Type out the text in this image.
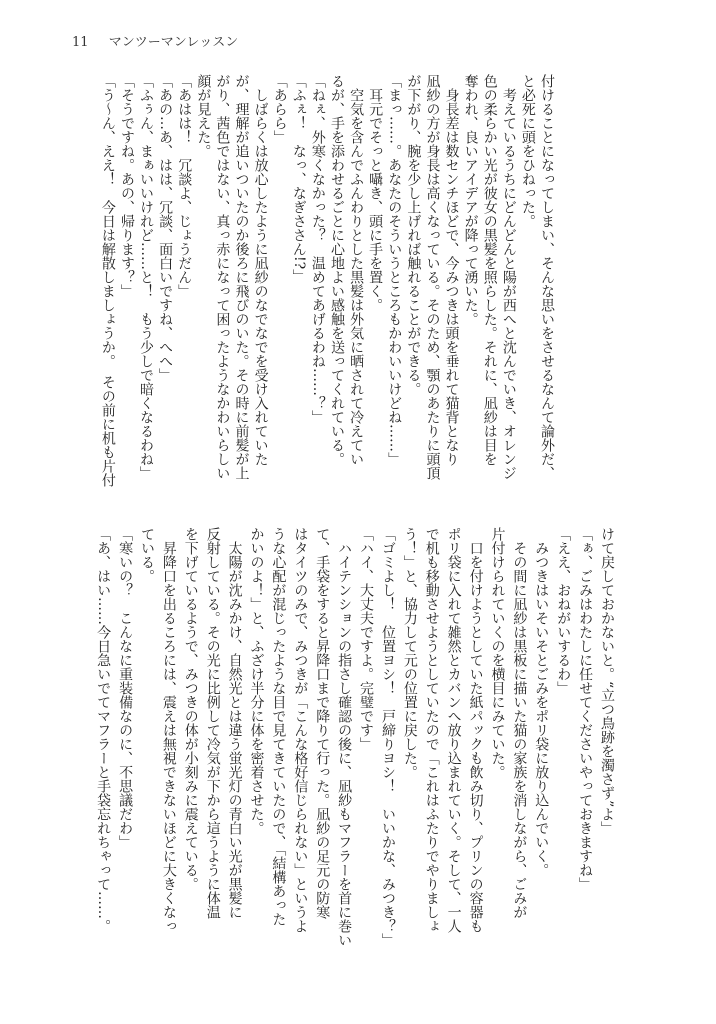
11 マンツーマンレッスン
付けることになってしまい、そんな思いをさせるなんて論外だ、
と必死に頭をひねった。
　考えているうちにどんどんと陽が西へと沈んでいき、オレンジ
色の柔らかい光が彼女の黒髪を照らした。それに、凪紗は目を
奪われ、良いアイデアが降って湧いた。
　身長差は数センチほどで、今みつきは頭を垂れて猫背となり
凪紗の方が身長は高くなっている。そのため、顎のあたりに頭頂
が下がり、腕を少し上げれば触れることができる。
「まっ……。あなたのそういうところもかわいいけどね……」
　耳元でそっと囁き、頭に手を置く。
　空気を含んでふんわりとした黒髪は外気に晒されて冷えてい
るが、手を添わせるごとに心地よい感触を送ってくれている。
「ねぇ、外寒くなかった？　温めてあげるわね……？」
「ふぇ！　なっ、なぎささん!?」
「あらら」
　しばらくは放心したように凪紗のなでなでを受け入れていた
が、理解が追いついたのか後ろに飛びのいた。その時に前髪が上
がり、茜色ではない、真っ赤になって困ったようなかわいらしい
顔が見えた。
「あはは！　冗談よ、じょうだん」
「あの…あ、はは、冗談、面白いですね、へへ」
「ふぅん、まぁいいけれど……と！　もう少しで暗くなるわね」
「そうですね。あの、帰ります？」
「う〜ん、ええ！　今日は解散しましょうか。　その前に机も片付
けて戻しておかないと。“立つ鳥跡を濁さず”よ」
「ぁ、ごみはわたしに任せてくださいやっておきますね」
「ええ、おねがいするわ」
　みつきはいそいそとごみをポリ袋に放り込んでいく。
　その間に凪紗は黒板に描いた猫の家族を消しながら、ごみが
片付けられていくのを横目にみていた。
　口を付けようとしていた紙パックも飲み切り、プリンの容器も
ポリ袋に入れて雑然とカバンへ放り込まれていく。そして、一人
で机も移動させようとしていたので「これはふたりでやりましょ
う！」と、協力して元の位置に戻した。
「ゴミよし！　位置ヨシ！　戸締りヨシ！　いいかな、みつき？」
「ハイ、大丈夫ですよ。完璧です」
　ハイテンションの指さし確認の後に、凪紗もマフラーを首に巻い
て、手袋をすると昇降口まで降りて行った。凪紗の足元の防寒
はタイツのみで、みつきが「こんな格好信じられない」というよ
うな心配が混じったような目で見てきていたので、「結構あった
かいのよ！」と、ふざけ半分に体を密着させた。
　太陽が沈みかけ、自然光とは違う蛍光灯の青白い光が黒髪に
反射している。その光に比例して冷気が下から這うように体温
を下げているようで、みつきの体が小刻みに震えている。
　昇降口を出るころには、震えは無視できないほどに大きくなっ
ている。
「寒いの？　こんなに重装備なのに、不思議だわ」
「あ、はい……今日急いでてマフラーと手袋忘れちゃって……。
